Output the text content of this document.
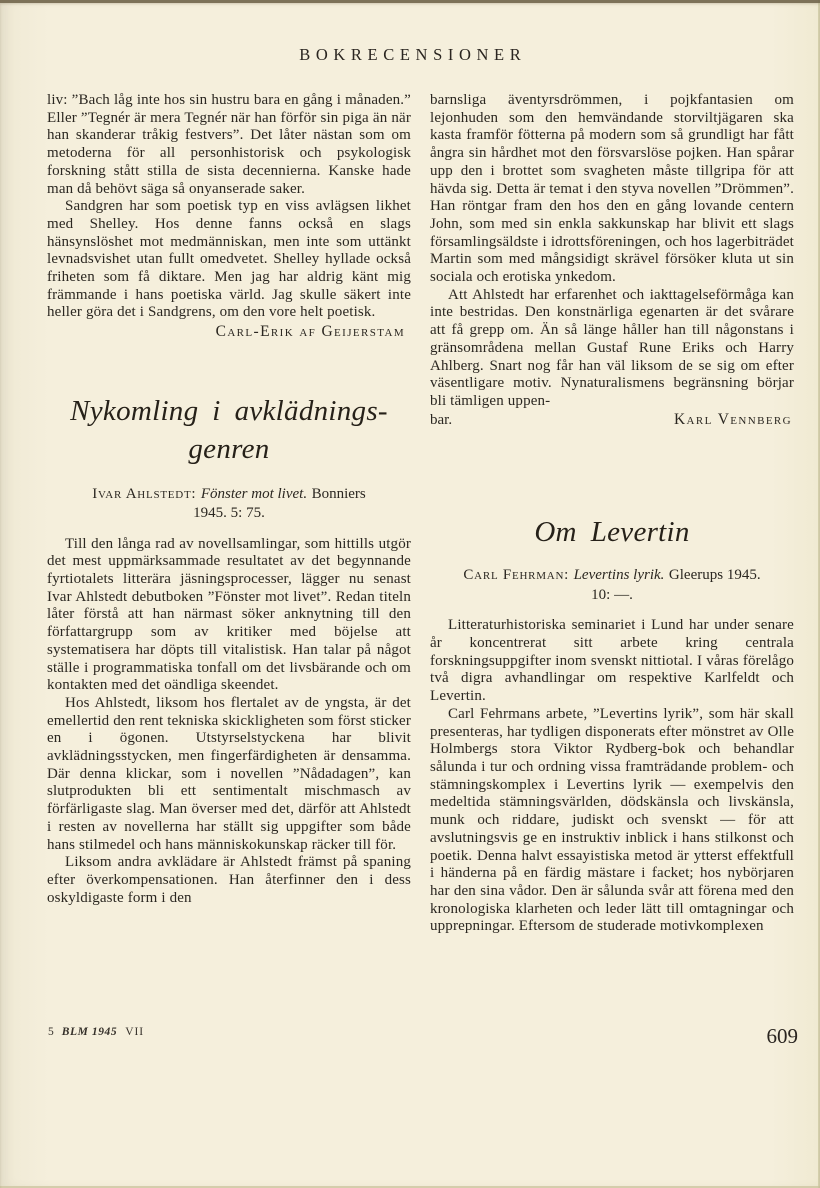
BOKRECENSIONER

liv: ”Bach låg inte hos sin hustru bara en gång i månaden.” Eller ”Tegnér är mera Tegnér när han förför sin piga än när han skanderar tråkig festvers”. Det låter nästan som om metoderna för all personhistorisk och psykologisk forskning stått stilla de sista decennierna. Kanske hade man då behövt säga så onyanserade saker.

Sandgren har som poetisk typ en viss avlägsen likhet med Shelley. Hos denne fanns också en slags hänsynslöshet mot medmänniskan, men inte som uttänkt levnadsvishet utan fullt omedvetet. Shelley hyllade också friheten som få diktare. Men jag har aldrig känt mig främmande i hans poetiska värld. Jag skulle säkert inte heller göra det i Sandgrens, om den vore helt poetisk.

Carl-Erik af Geijerstam
Nykomling i avklädnings-
genren
Ivar Ahlstedt: Fönster mot livet. Bonniers
1945. 5: 75.

Till den långa rad av novellsamlingar, som hittills utgör det mest uppmärksammade resultatet av det begynnande fyrtiotalets litterära jäsningsprocesser, lägger nu senast Ivar Ahlstedt debutboken ”Fönster mot livet”. Redan titeln låter förstå att han närmast söker anknytning till den författargrupp som av kritiker med böjelse att systematisera har döpts till vitalistisk. Han talar på något ställe i programmatiska tonfall om det livsbärande och om kontakten med det oändliga skeendet.

Hos Ahlstedt, liksom hos flertalet av de yngsta, är det emellertid den rent tekniska skickligheten som först sticker en i ögonen. Utstyrselstyckena har blivit avklädningsstycken, men fingerfärdigheten är densamma. Där denna klickar, som i novellen ”Nådadagen”, kan slutprodukten bli ett sentimentalt mischmasch av förfärligaste slag. Man överser med det, därför att Ahlstedt i resten av novellerna har ställt sig uppgifter som både hans stilmedel och hans människokunskap räcker till för.

Liksom andra avklädare är Ahlstedt främst på spaning efter överkompensationen. Han återfinner den i dess oskyldigaste form i den

barnsliga äventyrsdrömmen, i pojkfantasien om lejonhuden som den hemvändande storviltjägaren ska kasta framför fötterna på modern som så grundligt har fått ångra sin hårdhet mot den försvarslöse pojken. Han spårar upp den i brottet som svagheten måste tillgripa för att hävda sig. Detta är temat i den styva novellen ”Drömmen”. Han röntgar fram den hos den en gång lovande centern John, som med sin enkla sakkunskap har blivit ett slags församlingsäldste i idrottsföreningen, och hos lagerbiträdet Martin som med mångsidigt skrävel försöker kluta ut sin sociala och erotiska ynkedom.

Att Ahlstedt har erfarenhet och iakttagelseförmåga kan inte bestridas. Den konstnärliga egenarten är det svårare att få grepp om. Än så länge håller han till någonstans i gränsområdena mellan Gustaf Rune Eriks och Harry Ahlberg. Snart nog får han väl liksom de se sig om efter väsentligare motiv. Nynaturalismens begränsning börjar bli tämligen uppen-

bar.	Karl Vennberg
Om Levertin
Carl Fehrman: Levertins lyrik. Gleerups 1945.
10: —.

Litteraturhistoriska seminariet i Lund har under senare år koncentrerat sitt arbete kring centrala forskningsuppgifter inom svenskt nittiotal. I våras förelågo två digra avhandlingar om respektive Karlfeldt och Levertin.

Carl Fehrmans arbete, ”Levertins lyrik”, som här skall presenteras, har tydligen disponerats efter mönstret av Olle Holmbergs stora Viktor Rydberg-bok och behandlar sålunda i tur och ordning vissa framträdande problem- och stämningskomplex i Levertins lyrik — exempelvis den medeltida stämningsvärlden, dödskänsla och livskänsla, munk och riddare, judiskt och svenskt — för att avslutningsvis ge en instruktiv inblick i hans stilkonst och poetik. Denna halvt essayistiska metod är ytterst effektfull i händerna på en färdig mästare i facket; hos nybörjaren har den sina vådor. Den är sålunda svår att förena med den kronologiska klarheten och leder lätt till omtagningar och upprepningar. Eftersom de studerade motivkomplexen

5 BLM 1945 VII	609
